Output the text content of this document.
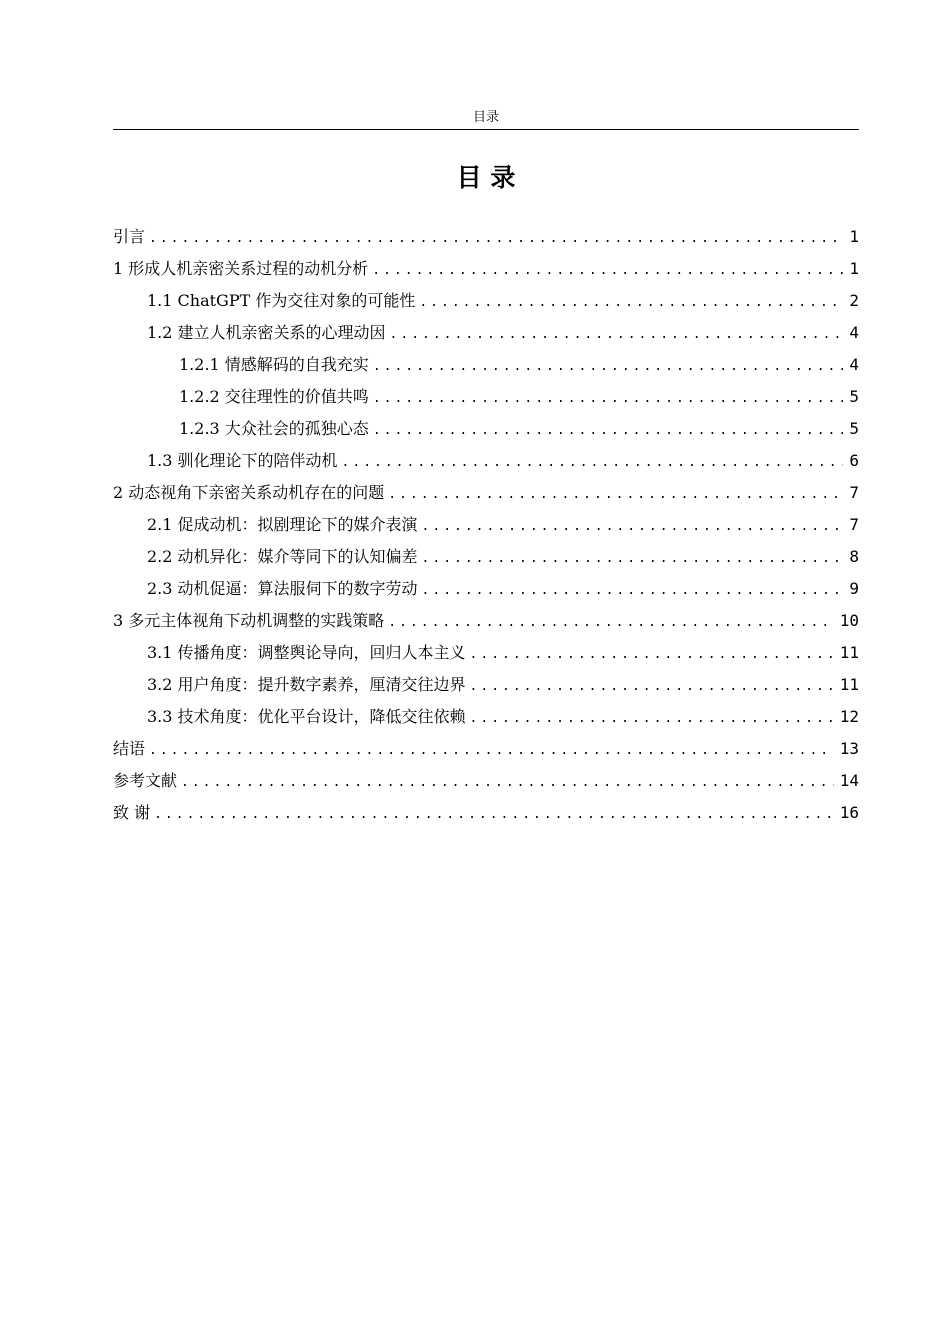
目录
目 录
引言 .....	1
1 形成人机亲密关系过程的动机分析 .....	1
1.1 ChatGPT 作为交往对象的可能性 .....	2
1.2 建立人机亲密关系的心理动因 .....	4
1.2.1 情感解码的自我充实 .....	4
1.2.2 交往理性的价值共鸣 .....	5
1.2.3 大众社会的孤独心态 .....	5
1.3 驯化理论下的陪伴动机 .....	6
2 动态视角下亲密关系动机存在的问题 .....	7
2.1 促成动机：拟剧理论下的媒介表演 .....	7
2.2 动机异化：媒介等同下的认知偏差 .....	8
2.3 动机促逼：算法服伺下的数字劳动 .....	9
3 多元主体视角下动机调整的实践策略 .....	10
3.1 传播角度：调整舆论导向，回归人本主义 .....	11
3.2 用户角度：提升数字素养，厘清交往边界 .....	11
3.3 技术角度：优化平台设计，降低交往依赖 .....	12
结语 .....	13
参考文献 .....	14
致 谢 .....	16
